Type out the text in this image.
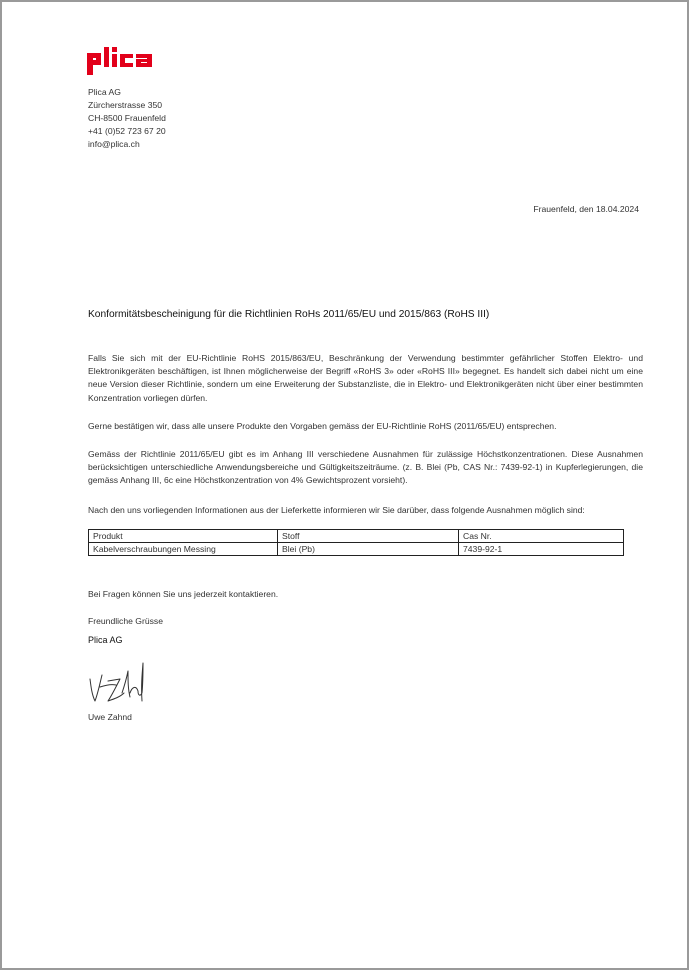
Plica AG
Zürcherstrasse 350
CH-8500 Frauenfeld
+41 (0)52 723 67 20
info@plica.ch
Frauenfeld, den 18.04.2024
Konformitätsbescheinigung für die Richtlinien RoHs 2011/65/EU und 2015/863 (RoHS III)
Falls Sie sich mit der EU-Richtlinie RoHS 2015/863/EU, Beschränkung der Verwendung bestimmter gefährlicher Stoffen Elektro- und Elektronikgeräten beschäftigen, ist Ihnen möglicherweise der Begriff «RoHS 3» oder «RoHS III» begegnet. Es handelt sich dabei nicht um eine neue Version dieser Richtlinie, sondern um eine Erweiterung der Substanzliste, die in Elektro- und Elektronikgeräten nicht über einer bestimmten Konzentration vorliegen dürfen.
Gerne bestätigen wir, dass alle unsere Produkte den Vorgaben gemäss der EU-Richtlinie RoHS (2011/65/EU) entsprechen.
Gemäss der Richtlinie 2011/65/EU gibt es im Anhang III verschiedene Ausnahmen für zulässige Höchstkonzentrationen. Diese Ausnahmen berücksichtigen unterschiedliche Anwendungsbereiche und Gültigkeitszeiträume. (z. B. Blei (Pb, CAS Nr.: 7439-92-1) in Kupferlegierungen, die gemäss Anhang III, 6c eine Höchstkonzentration von 4% Gewichtsprozent vorsieht).
Nach den uns vorliegenden Informationen aus der Lieferkette informieren wir Sie darüber, dass folgende Ausnahmen möglich sind:
Produkt	Stoff	Cas Nr.
Kabelverschraubungen Messing	Blei (Pb)	7439-92-1
Bei Fragen können Sie uns jederzeit kontaktieren.
Freundliche Grüsse
Plica AG
Uwe Zahnd
